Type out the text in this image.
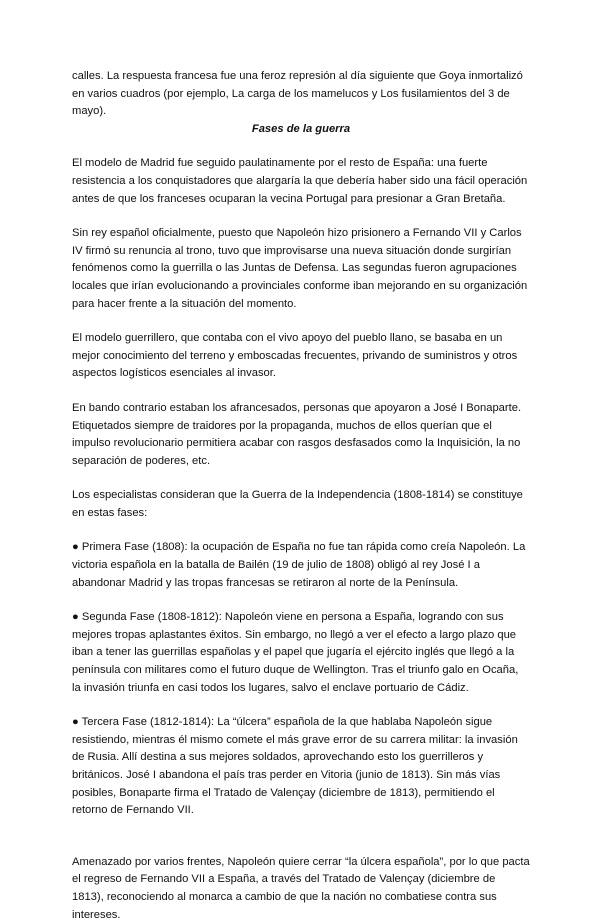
calles. La respuesta francesa fue una feroz represión al día siguiente que Goya inmortalizó en varios cuadros (por ejemplo, La carga de los mamelucos y Los fusilamientos del 3 de mayo).

Fases de la guerra

El modelo de Madrid fue seguido paulatinamente por el resto de España: una fuerte resistencia a los conquistadores que alargaría la que debería haber sido una fácil operación antes de que los franceses ocuparan la vecina Portugal para presionar a Gran Bretaña.

Sin rey español oficialmente, puesto que Napoleón hizo prisionero a Fernando VII y Carlos IV firmó su renuncia al trono, tuvo que improvisarse una nueva situación donde surgirían fenómenos como la guerrilla o las Juntas de Defensa. Las segundas fueron agrupaciones locales que irían evolucionando a provinciales conforme iban mejorando en su organización para hacer frente a la situación del momento.

El modelo guerrillero, que contaba con el vivo apoyo del pueblo llano, se basaba en un mejor conocimiento del terreno y emboscadas frecuentes, privando de suministros y otros aspectos logísticos esenciales al invasor.

En bando contrario estaban los afrancesados, personas que apoyaron a José I Bonaparte. Etiquetados siempre de traidores por la propaganda, muchos de ellos querían que el impulso revolucionario permitiera acabar con rasgos desfasados como la Inquisición, la no separación de poderes, etc.

Los especialistas consideran que la Guerra de la Independencia (1808-1814) se constituye en estas fases:

● Primera Fase (1808): la ocupación de España no fue tan rápida como creía Napoleón. La victoria española en la batalla de Bailén (19 de julio de 1808) obligó al rey José I a abandonar Madrid y las tropas francesas se retiraron al norte de la Península.

● Segunda Fase (1808-1812): Napoleón viene en persona a España, logrando con sus mejores tropas aplastantes éxitos. Sin embargo, no llegó a ver el efecto a largo plazo que iban a tener las guerrillas españolas y el papel que jugaría el ejército inglés que llegó a la península con militares como el futuro duque de Wellington. Tras el triunfo galo en Ocaña, la invasión triunfa en casi todos los lugares, salvo el enclave portuario de Cádiz.

● Tercera Fase (1812-1814): La “úlcera” española de la que hablaba Napoleón sigue resistiendo, mientras él mismo comete el más grave error de su carrera militar: la invasión de Rusia. Allí destina a sus mejores soldados, aprovechando esto los guerrilleros y británicos. José I abandona el país tras perder en Vitoria (junio de 1813). Sin más vías posibles, Bonaparte firma el Tratado de Valençay (diciembre de 1813), permitiendo el retorno de Fernando VII.

Amenazado por varios frentes, Napoleón quiere cerrar “la úlcera española”, por lo que pacta el regreso de Fernando VII a España, a través del Tratado de Valençay (diciembre de 1813), reconociendo al monarca a cambio de que la nación no combatiese contra sus intereses.
